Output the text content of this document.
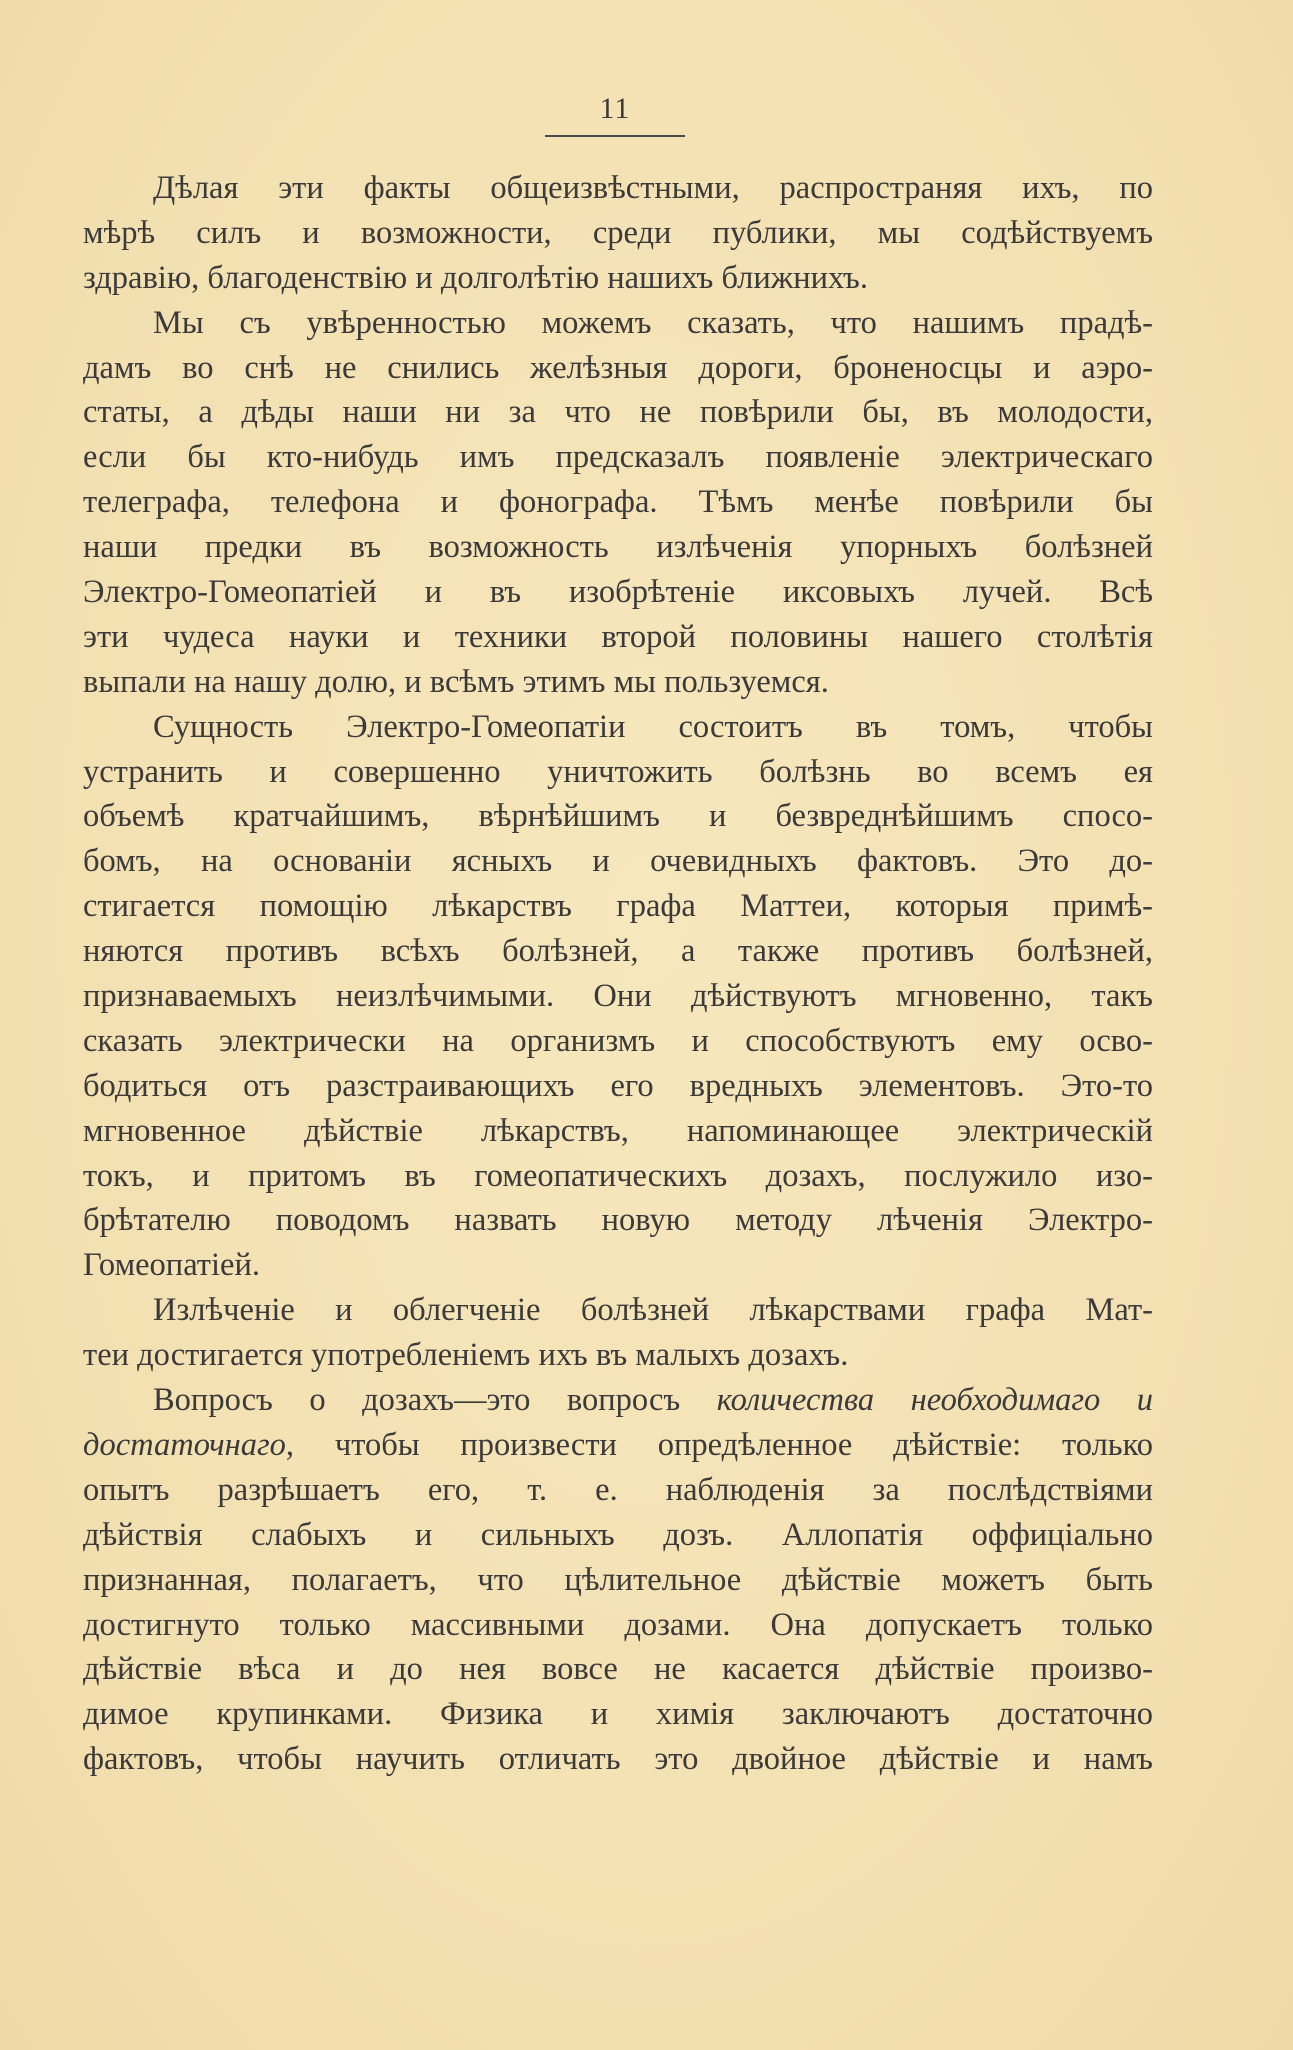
11
Дѣлая эти факты общеизвѣстными, распространяя ихъ, по
мѣрѣ силъ и возможности, среди публики, мы содѣйствуемъ
здравію, благоденствію и долголѣтію нашихъ ближнихъ.
Мы съ увѣренностью можемъ сказать, что нашимъ прадѣ-
дамъ во снѣ не снились желѣзныя дороги, броненосцы и аэро-
статы, а дѣды наши ни за что не повѣрили бы, въ молодости,
если бы кто-нибудь имъ предсказалъ появленіе электрическаго
телеграфа, телефона и фонографа. Тѣмъ менѣе повѣрили бы
наши предки въ возможность излѣченія упорныхъ болѣзней
Электро-Гомеопатіей и въ изобрѣтеніе иксовыхъ лучей. Всѣ
эти чудеса науки и техники второй половины нашего столѣтія
выпали на нашу долю, и всѣмъ этимъ мы пользуемся.
Сущность Электро-Гомеопатіи состоитъ въ томъ, чтобы
устранить и совершенно уничтожить болѣзнь во всемъ ея
объемѣ кратчайшимъ, вѣрнѣйшимъ и безвреднѣйшимъ спосо-
бомъ, на основаніи ясныхъ и очевидныхъ фактовъ. Это до-
стигается помощію лѣкарствъ графа Маттеи, которыя примѣ-
няются противъ всѣхъ болѣзней, а также противъ болѣзней,
признаваемыхъ неизлѣчимыми. Они дѣйствуютъ мгновенно, такъ
сказать электрически на организмъ и способствуютъ ему осво-
бодиться отъ разстраивающихъ его вредныхъ элементовъ. Это-то
мгновенное дѣйствіе лѣкарствъ, напоминающее электрическій
токъ, и притомъ въ гомеопатическихъ дозахъ, послужило изо-
брѣтателю поводомъ назвать новую методу лѣченія Электро-
Гомеопатіей.
Излѣченіе и облегченіе болѣзней лѣкарствами графа Мат-
теи достигается употребленіемъ ихъ въ малыхъ дозахъ.
Вопросъ о дозахъ—это вопросъ количества необходимаго и
достаточнаго, чтобы произвести опредѣленное дѣйствіе: только
опытъ разрѣшаетъ его, т. е. наблюденія за послѣдствіями
дѣйствія слабыхъ и сильныхъ дозъ. Аллопатія оффиціально
признанная, полагаетъ, что цѣлительное дѣйствіе можетъ быть
достигнуто только массивными дозами. Она допускаетъ только
дѣйствіе вѣса и до нея вовсе не касается дѣйствіе произво-
димое крупинками. Физика и химія заключаютъ достаточно
фактовъ, чтобы научить отличать это двойное дѣйствіе и намъ
